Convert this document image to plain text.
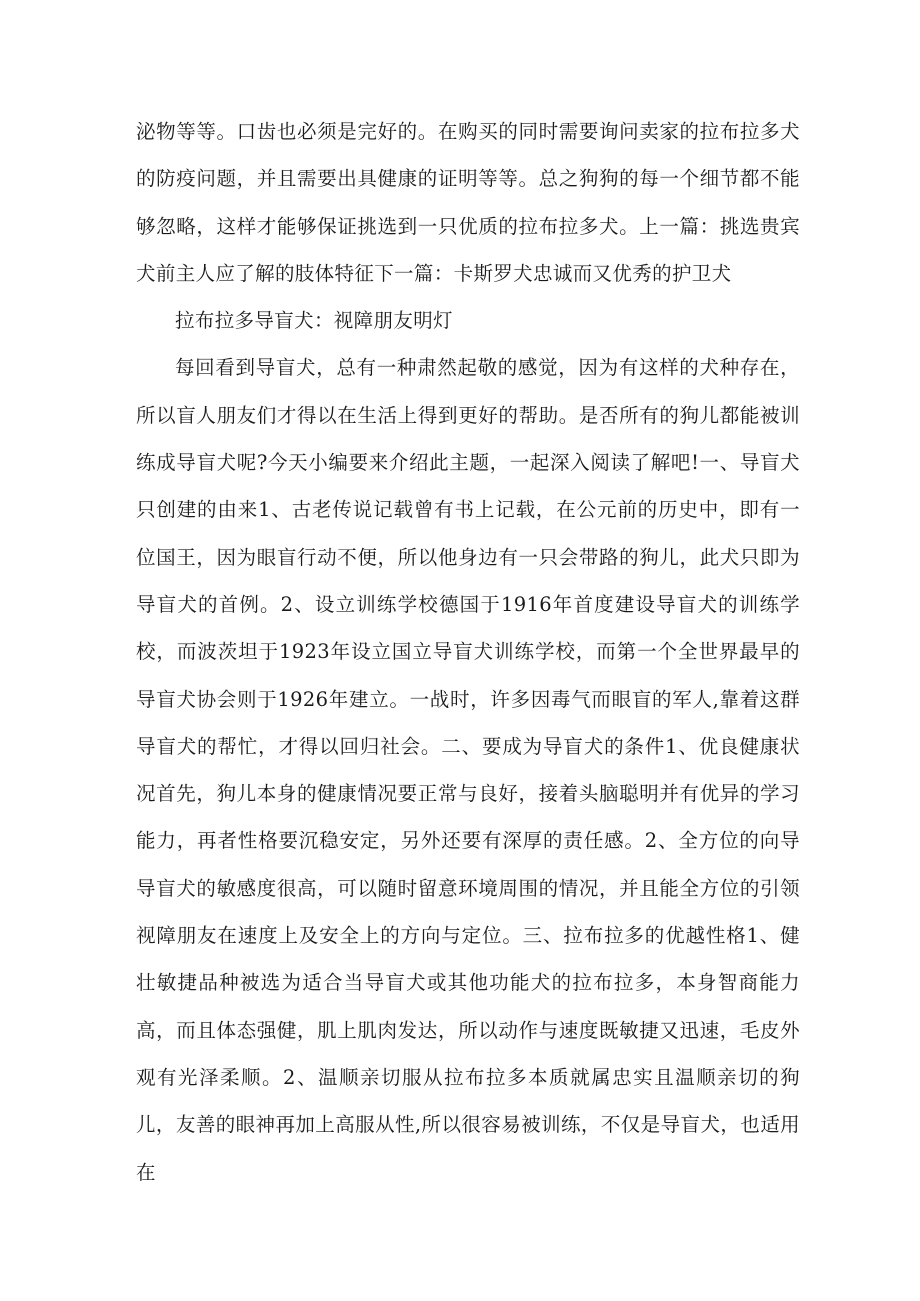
泌物等等。口齿也必须是完好的。在购买的同时需要询问卖家的拉布拉多犬的防疫问题，并且需要出具健康的证明等等。总之狗狗的每一个细节都不能够忽略，这样才能够保证挑选到一只优质的拉布拉多犬。上一篇：挑选贵宾犬前主人应了解的肢体特征下一篇：卡斯罗犬忠诚而又优秀的护卫犬

拉布拉多导盲犬：视障朋友明灯

每回看到导盲犬，总有一种肃然起敬的感觉，因为有这样的犬种存在，所以盲人朋友们才得以在生活上得到更好的帮助。是否所有的狗儿都能被训练成导盲犬呢?今天小编要来介绍此主题，一起深入阅读了解吧!一、导盲犬只创建的由来1、古老传说记载曾有书上记载，在公元前的历史中，即有一位国王，因为眼盲行动不便，所以他身边有一只会带路的狗儿，此犬只即为导盲犬的首例。2、设立训练学校德国于1916年首度建设导盲犬的训练学校，而波茨坦于1923年设立国立导盲犬训练学校，而第一个全世界最早的导盲犬协会则于1926年建立。一战时，许多因毒气而眼盲的军人,靠着这群导盲犬的帮忙，才得以回归社会。二、要成为导盲犬的条件1、优良健康状况首先，狗儿本身的健康情况要正常与良好，接着头脑聪明并有优异的学习能力，再者性格要沉稳安定，另外还要有深厚的责任感。2、全方位的向导导盲犬的敏感度很高，可以随时留意环境周围的情况，并且能全方位的引领视障朋友在速度上及安全上的方向与定位。三、拉布拉多的优越性格1、健壮敏捷品种被选为适合当导盲犬或其他功能犬的拉布拉多，本身智商能力高，而且体态强健，肌上肌肉发达，所以动作与速度既敏捷又迅速，毛皮外观有光泽柔顺。2、温顺亲切服从拉布拉多本质就属忠实且温顺亲切的狗儿，友善的眼神再加上高服从性,所以很容易被训练，不仅是导盲犬，也适用在
